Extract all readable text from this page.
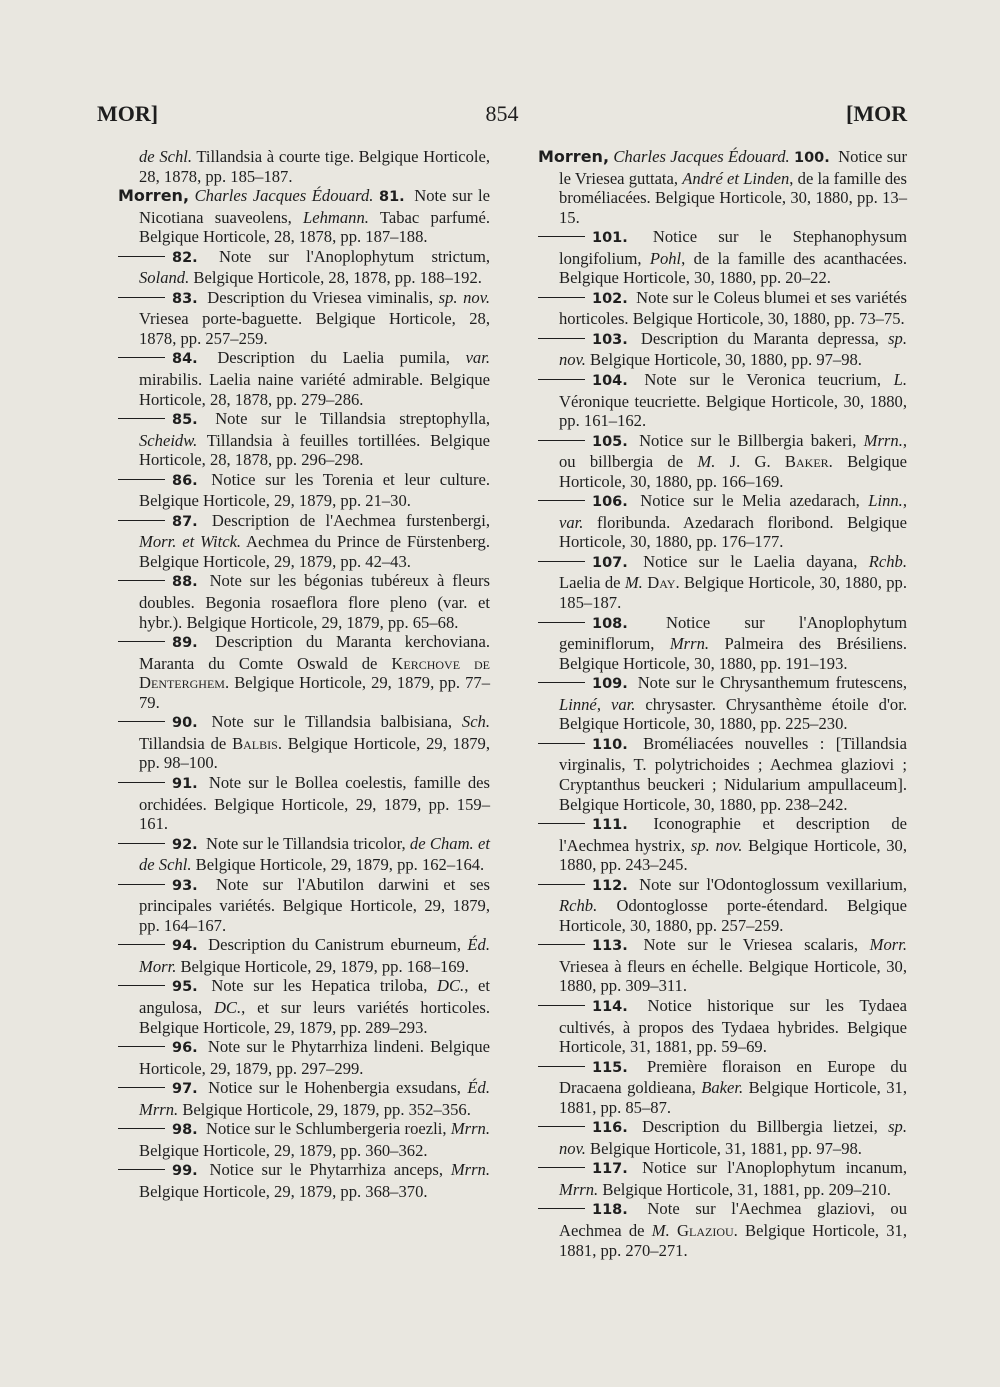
MOR]	854	[MOR
de Schl. Tillandsia à courte tige. Belgique Horticole, 28, 1878, pp. 185–187.
Morren, Charles Jacques Édouard. 81. Note sur le Nicotiana suaveolens, Lehmann. Tabac parfumé. Belgique Horticole, 28, 1878, pp. 187–188.
82. Note sur l'Anoplophytum strictum, Soland. Belgique Horticole, 28, 1878, pp. 188–192.
83. Description du Vriesea viminalis, sp. nov. Vriesea porte-baguette. Belgique Horticole, 28, 1878, pp. 257–259.
84. Description du Laelia pumila, var. mirabilis. Laelia naine variété admirable. Belgique Horticole, 28, 1878, pp. 279–286.
85. Note sur le Tillandsia streptophylla, Scheidw. Tillandsia à feuilles tortillées. Belgique Horticole, 28, 1878, pp. 296–298.
86. Notice sur les Torenia et leur culture. Belgique Horticole, 29, 1879, pp. 21–30.
87. Description de l'Aechmea furstenbergi, Morr. et Witck. Aechmea du Prince de Fürstenberg. Belgique Horticole, 29, 1879, pp. 42–43.
88. Note sur les bégonias tubéreux à fleurs doubles. Begonia rosaeflora flore pleno (var. et hybr.). Belgique Horticole, 29, 1879, pp. 65–68.
89. Description du Maranta kerchoviana. Maranta du Comte Oswald de Kerchove de Denterghem. Belgique Horticole, 29, 1879, pp. 77–79.
90. Note sur le Tillandsia balbisiana, Sch. Tillandsia de Balbis. Belgique Horticole, 29, 1879, pp. 98–100.
91. Note sur le Bollea coelestis, famille des orchidées. Belgique Horticole, 29, 1879, pp. 159–161.
92. Note sur le Tillandsia tricolor, de Cham. et de Schl. Belgique Horticole, 29, 1879, pp. 162–164.
93. Note sur l'Abutilon darwini et ses principales variétés. Belgique Horticole, 29, 1879, pp. 164–167.
94. Description du Canistrum eburneum, Éd. Morr. Belgique Horticole, 29, 1879, pp. 168–169.
95. Note sur les Hepatica triloba, DC., et angulosa, DC., et sur leurs variétés horticoles. Belgique Horticole, 29, 1879, pp. 289–293.
96. Note sur le Phytarrhiza lindeni. Belgique Horticole, 29, 1879, pp. 297–299.
97. Notice sur le Hohenbergia exsudans, Éd. Mrrn. Belgique Horticole, 29, 1879, pp. 352–356.
98. Notice sur le Schlumbergeria roezli, Mrrn. Belgique Horticole, 29, 1879, pp. 360–362.
99. Notice sur le Phytarrhiza anceps, Mrrn. Belgique Horticole, 29, 1879, pp. 368–370.
Morren, Charles Jacques Édouard. 100. Notice sur le Vriesea guttata, André et Linden, de la famille des broméliacées. Belgique Horticole, 30, 1880, pp. 13–15.
101. Notice sur le Stephanophysum longifolium, Pohl, de la famille des acanthacées. Belgique Horticole, 30, 1880, pp. 20–22.
102. Note sur le Coleus blumei et ses variétés horticoles. Belgique Horticole, 30, 1880, pp. 73–75.
103. Description du Maranta depressa, sp. nov. Belgique Horticole, 30, 1880, pp. 97–98.
104. Note sur le Veronica teucrium, L. Véronique teucriette. Belgique Horticole, 30, 1880, pp. 161–162.
105. Notice sur le Billbergia bakeri, Mrrn., ou billbergia de M. J. G. Baker. Belgique Horticole, 30, 1880, pp. 166–169.
106. Notice sur le Melia azedarach, Linn., var. floribunda. Azedarach floribond. Belgique Horticole, 30, 1880, pp. 176–177.
107. Notice sur le Laelia dayana, Rchb. Laelia de M. Day. Belgique Horticole, 30, 1880, pp. 185–187.
108. Notice sur l'Anoplophytum geminiflorum, Mrrn. Palmeira des Brésiliens. Belgique Horticole, 30, 1880, pp. 191–193.
109. Note sur le Chrysanthemum frutescens, Linné, var. chrysaster. Chrysanthème étoile d'or. Belgique Horticole, 30, 1880, pp. 225–230.
110. Broméliacées nouvelles : [Tillandsia virginalis, T. polytrichoides ; Aechmea glaziovi ; Cryptanthus beuckeri ; Nidularium ampullaceum]. Belgique Horticole, 30, 1880, pp. 238–242.
111. Iconographie et description de l'Aechmea hystrix, sp. nov. Belgique Horticole, 30, 1880, pp. 243–245.
112. Note sur l'Odontoglossum vexillarium, Rchb. Odontoglosse porte-étendard. Belgique Horticole, 30, 1880, pp. 257–259.
113. Note sur le Vriesea scalaris, Morr. Vriesea à fleurs en échelle. Belgique Horticole, 30, 1880, pp. 309–311.
114. Notice historique sur les Tydaea cultivés, à propos des Tydaea hybrides. Belgique Horticole, 31, 1881, pp. 59–69.
115. Première floraison en Europe du Dracaena goldieana, Baker. Belgique Horticole, 31, 1881, pp. 85–87.
116. Description du Billbergia lietzei, sp. nov. Belgique Horticole, 31, 1881, pp. 97–98.
117. Notice sur l'Anoplophytum incanum, Mrrn. Belgique Horticole, 31, 1881, pp. 209–210.
118. Note sur l'Aechmea glaziovi, ou Aechmea de M. Glaziou. Belgique Horticole, 31, 1881, pp. 270–271.
